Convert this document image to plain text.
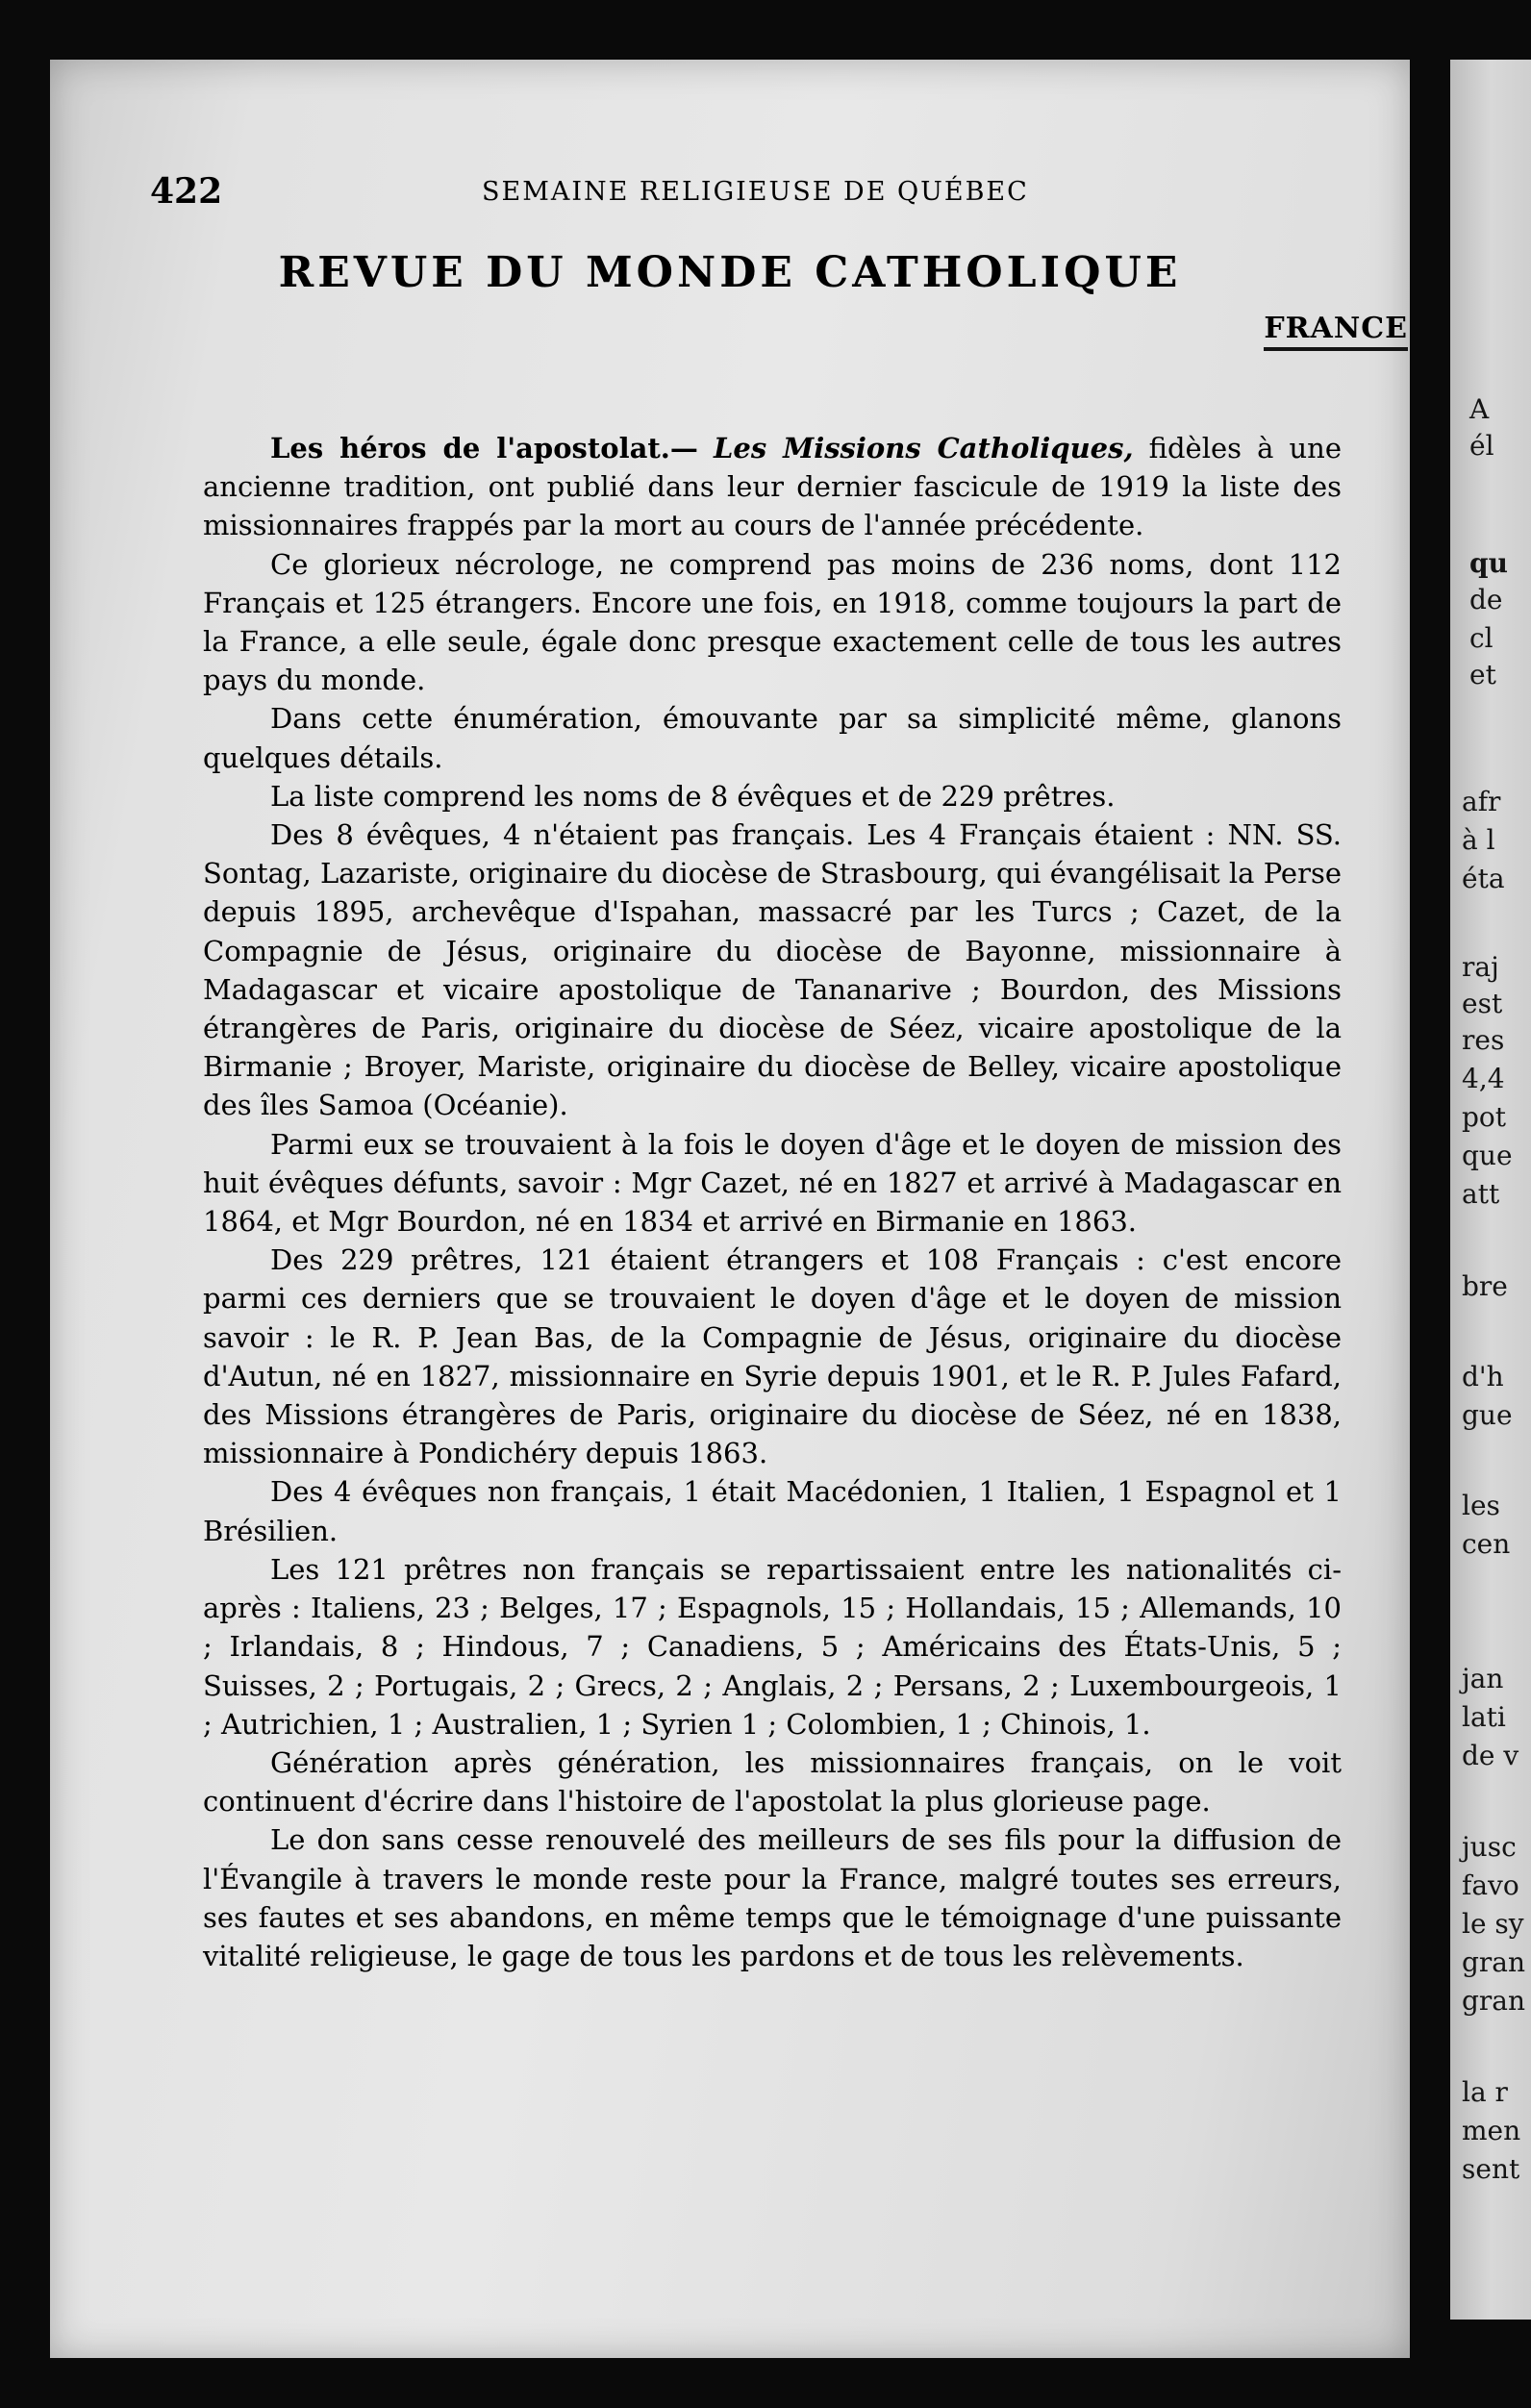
A
él
qu
de
cl
et
afr
à l
éta
raj
est
res
4,4
pot
que
att
bre
d'h
gue
les
cen
jan
lati
de v
jusc
favo
le sy
gran
gran
la r
men
sent
422	SEMAINE RELIGIEUSE DE QUÉBEC
REVUE DU MONDE CATHOLIQUE
FRANCE

Les héros de l'apostolat.— Les Missions Catholiques, fidèles à une ancienne tradition, ont publié dans leur dernier fascicule de 1919 la liste des missionnaires frappés par la mort au cours de l'année précédente.

Ce glorieux nécrologe, ne comprend pas moins de 236 noms, dont 112 Français et 125 étrangers. Encore une fois, en 1918, comme toujours la part de la France, a elle seule, égale donc presque exactement celle de tous les autres pays du monde.

Dans cette énumération, émouvante par sa simplicité même, glanons quelques détails.

La liste comprend les noms de 8 évêques et de 229 prêtres.

Des 8 évêques, 4 n'étaient pas français. Les 4 Français étaient : NN. SS. Sontag, Lazariste, originaire du diocèse de Strasbourg, qui évangélisait la Perse depuis 1895, archevêque d'Ispahan, massacré par les Turcs ; Cazet, de la Compagnie de Jésus, originaire du diocèse de Bayonne, missionnaire à Madagascar et vicaire apostolique de Tananarive ; Bourdon, des Missions étrangères de Paris, originaire du diocèse de Séez, vicaire apostolique de la Birmanie ; Broyer, Mariste, originaire du diocèse de Belley, vicaire apostolique des îles Samoa (Océanie).

Parmi eux se trouvaient à la fois le doyen d'âge et le doyen de mission des huit évêques défunts, savoir : Mgr Cazet, né en 1827 et arrivé à Madagascar en 1864, et Mgr Bourdon, né en 1834 et arrivé en Birmanie en 1863.

Des 229 prêtres, 121 étaient étrangers et 108 Français : c'est encore parmi ces derniers que se trouvaient le doyen d'âge et le doyen de mission savoir : le R. P. Jean Bas, de la Compagnie de Jésus, originaire du diocèse d'Autun, né en 1827, missionnaire en Syrie depuis 1901, et le R. P. Jules Fafard, des Missions étrangères de Paris, originaire du diocèse de Séez, né en 1838, missionnaire à Pondichéry depuis 1863.

Des 4 évêques non français, 1 était Macédonien, 1 Italien, 1 Espagnol et 1 Brésilien.

Les 121 prêtres non français se repartissaient entre les nationalités ci-après : Italiens, 23 ; Belges, 17 ; Espagnols, 15 ; Hollandais, 15 ; Allemands, 10 ; Irlandais, 8 ; Hindous, 7 ; Canadiens, 5 ; Américains des États-Unis, 5 ; Suisses, 2 ; Portugais, 2 ; Grecs, 2 ; Anglais, 2 ; Persans, 2 ; Luxembourgeois, 1 ; Autrichien, 1 ; Australien, 1 ; Syrien 1 ; Colombien, 1 ; Chinois, 1.

Génération après génération, les missionnaires français, on le voit continuent d'écrire dans l'histoire de l'apostolat la plus glorieuse page.

Le don sans cesse renouvelé des meilleurs de ses fils pour la diffusion de l'Évangile à travers le monde reste pour la France, malgré toutes ses erreurs, ses fautes et ses abandons, en même temps que le témoignage d'une puissante vitalité religieuse, le gage de tous les pardons et de tous les relèvements.
